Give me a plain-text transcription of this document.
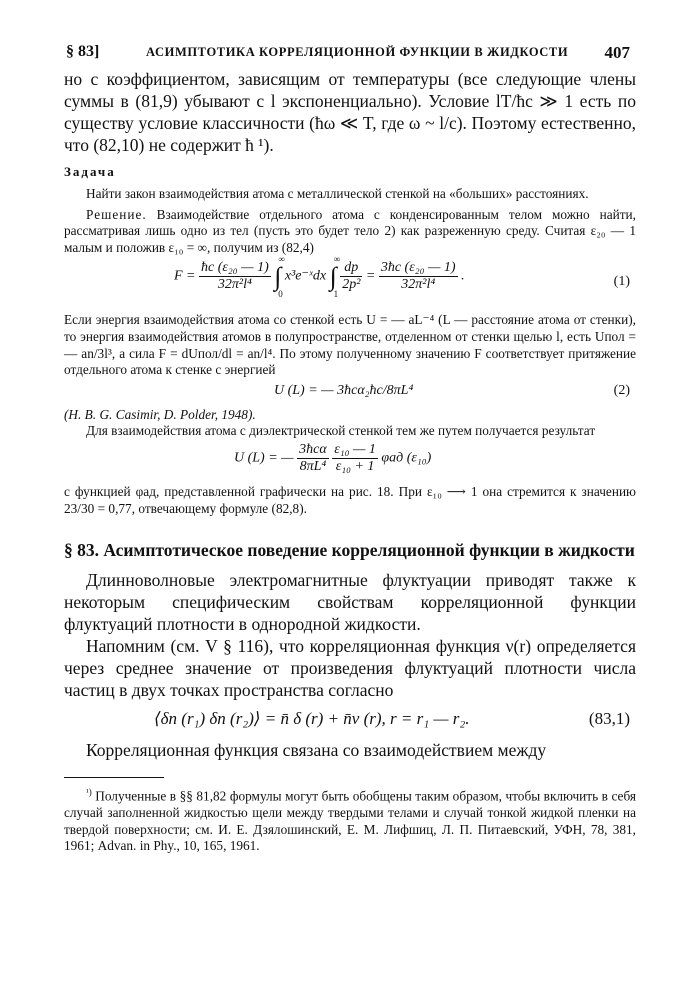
§ 83]	АСИМПТОТИКА КОРРЕЛЯЦИОННОЙ ФУНКЦИИ В ЖИДКОСТИ 407

но с коэффициентом, зависящим от температуры (все следующие члены суммы в (81,9) убывают с l экспоненциально). Условие lT/ħc ≫ 1 есть по существу условие классичности (ħω ≪ T, где ω ~ l/c). Поэтому естественно, что (82,10) не содержит ħ ¹).

Задача

Найти закон взаимодействия атома с металлической стенкой на «больших» расстояниях.

Решение. Взаимодействие отдельного атома с конденсированным телом можно найти, рассматривая лишь одно из тел (пусть это будет тело 2) как разреженную среду. Считая ε₂₀ — 1 малым и положив ε₁₀ = ∞, получим из (82,4)

$F = \frac{\text{ħc (ε₂₀ — 1)}}{\text{32π²l⁴}}$ ∫
∞
0
x³e⁻ˣdx ∫
∞
1

$\frac{dp}{\text{2p²}} = \frac{\text{3ħc (ε₂₀ — 1)}}{\text{32π²l⁴}}$ .	(1)

Если энергия взаимодействия атома со стенкой есть U = — aL⁻⁴ (L — расстояние атома от стенки), то энергия взаимодействия атомов в полупространстве, отделенном от стенки щелью l, есть Uпол = — an/3l³, а сила F = dUпол/dl = an/l⁴. По этому полученному значению F соответствует притяжение отдельного атома к стенке с энергией

U (L) = — 3ħcα₂ħc/8πL⁴	(2)

(H. B. G. Casimir, D. Polder, 1948).

Для взаимодействия атома с диэлектрической стенкой тем же путем получается результат

U (L) = — $\frac{\text{3ħcα}}{\text{8πL⁴}}$
$\frac{\text{ε₁₀ — 1}}{\text{ε₁₀ + 1}}$ φад (ε₁₀)

с функцией φад, представленной графически на рис. 18. При ε₁₀ ⟶ 1 она стремится к значению 23/30 = 0,77, отвечающему формуле (82,8).

§ 83. Асимптотическое поведение корреляционной функции в жидкости

Длинноволновые электромагнитные флуктуации приводят также к некоторым специфическим свойствам корреляционной функции флуктуаций плотности в однородной жидкости.

Напомним (см. V § 116), что корреляционная функция ν(r) определяется через среднее значение от произведения флуктуаций плотности числа частиц в двух точках пространства согласно

⟨δn (r₁) δn (r₂)⟩ = n̄ δ (r) + n̄ν (r), r = r₁ — r₂.	(83,1)

Корреляционная функция связана со взаимодействием между

$^{^1)}$ Полученные в §§ 81,82 формулы могут быть обобщены таким образом, чтобы включить в себя случай заполненной жидкостью щели между твердыми телами и случай тонкой жидкой пленки на твердой поверхности; см. И. Е. Дзялошинский, Е. М. Лифшиц, Л. П. Питаевский, УФН, 78, 381, 1961; Advan. in Phy., 10, 165, 1961.
